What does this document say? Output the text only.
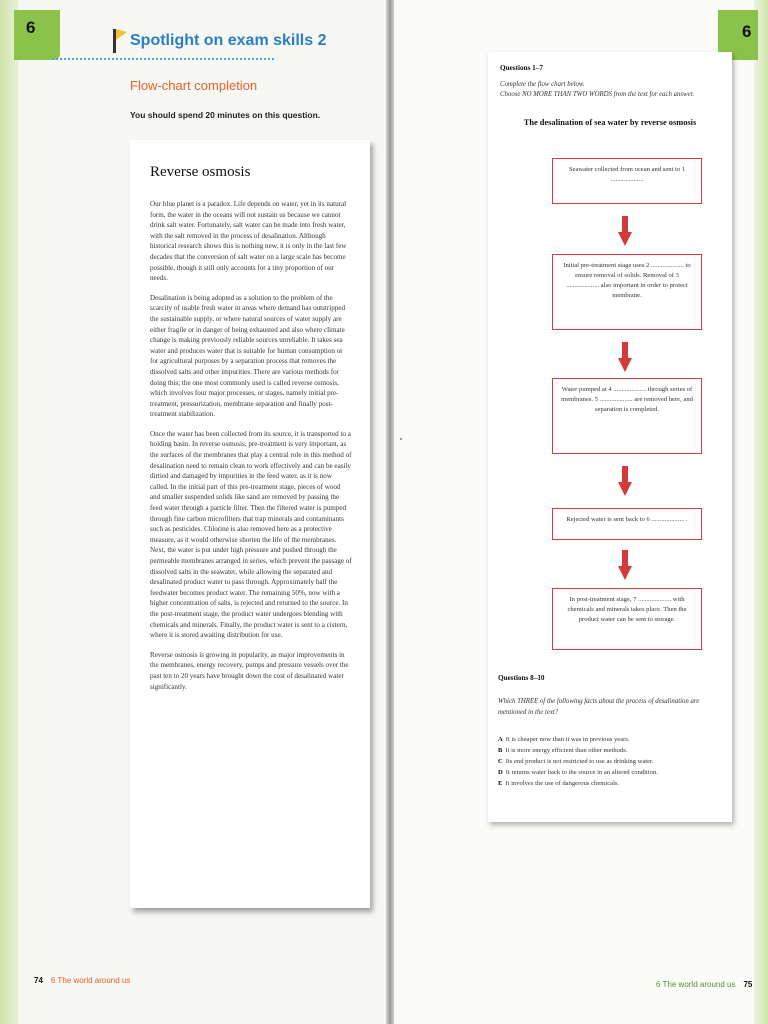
6	6
Spotlight on exam skills 2
Flow-chart completion
You should spend 20 minutes on this question.
Reverse osmosis

Our blue planet is a paradox. Life depends on water, yet in its natural form, the water in the oceans will not sustain us because we cannot drink salt water. Fortunately, salt water can be made into fresh water, with the salt removed in the process of desalination. Although historical research shows this is nothing new, it is only in the last few decades that the conversion of salt water on a large scale has become possible, though it still only accounts for a tiny proportion of our needs.

Desalination is being adopted as a solution to the problem of the scarcity of usable fresh water in areas where demand has outstripped the sustainable supply, or where natural sources of water supply are either fragile or in danger of being exhausted and also where climate change is making previously reliable sources unreliable. It takes sea water and produces water that is suitable for human consumption or for agricultural purposes by a separation process that removes the dissolved salts and other impurities. There are various methods for doing this; the one most commonly used is called reverse osmosis, which involves four major processes, or stages, namely initial pre-treatment, pressurization, membrane separation and finally post-treatment stabilization.

Once the water has been collected from its source, it is transported to a holding basin. In reverse osmosis, pre-treatment is very important, as the surfaces of the membranes that play a central role in this method of desalination need to remain clean to work effectively and can be easily dirtied and damaged by impurities in the feed water, as it is now called. In the initial part of this pre-treatment stage, pieces of wood and smaller suspended solids like sand are removed by passing the feed water through a particle filter. Then the filtered water is pumped through fine carbon microfilters that trap minerals and contaminants such as pesticides. Chlorine is also removed here as a protective measure, as it would otherwise shorten the life of the membranes. Next, the water is put under high pressure and pushed through the permeable membranes arranged in series, which prevent the passage of dissolved salts in the seawater, while allowing the separated and desalinated product water to pass through. Approximately half the feedwater becomes product water. The remaining 50%, now with a higher concentration of salts, is rejected and returned to the source. In the post-treatment stage, the product water undergoes blending with chemicals and minerals. Finally, the product water is sent to a cistern, where it is stored awaiting distribution for use.

Reverse osmosis is growing in popularity, as major improvements in the membranes, energy recovery, pumps and pressure vessels over the past ten to 20 years have brought down the cost of desalinated water significantly.

74 6 The world around us
Questions 1–7

Complete the flow chart below.

Choose NO MORE THAN TWO WORDS from the text for each answer.

The desalination of sea water by reverse osmosis
Seawater collected from ocean and sent to 1 ....................
Initial pre-treatment stage uses 2 .................... to ensure removal of solids. Removal of 3 .................... also important in order to protect membrane.
Water pumped at 4 .................... through series of membranes. 5 .................... are removed here, and separation is completed.
Rejected water is sent back to 6 .................... .
In post-treatment stage, 7 .................... with chemicals and minerals takes place. Then the product water can be sent to storage.
Questions 8–10
Which THREE of the following facts about the process of desalination are mentioned in the text?
A It is cheaper now than it was in previous years.
B It is more energy efficient than other methods.
C Its end product is not restricted to use as drinking water.
D It returns water back to the source in an altered condition.
E It involves the use of dangerous chemicals.
6 The world around us 75
